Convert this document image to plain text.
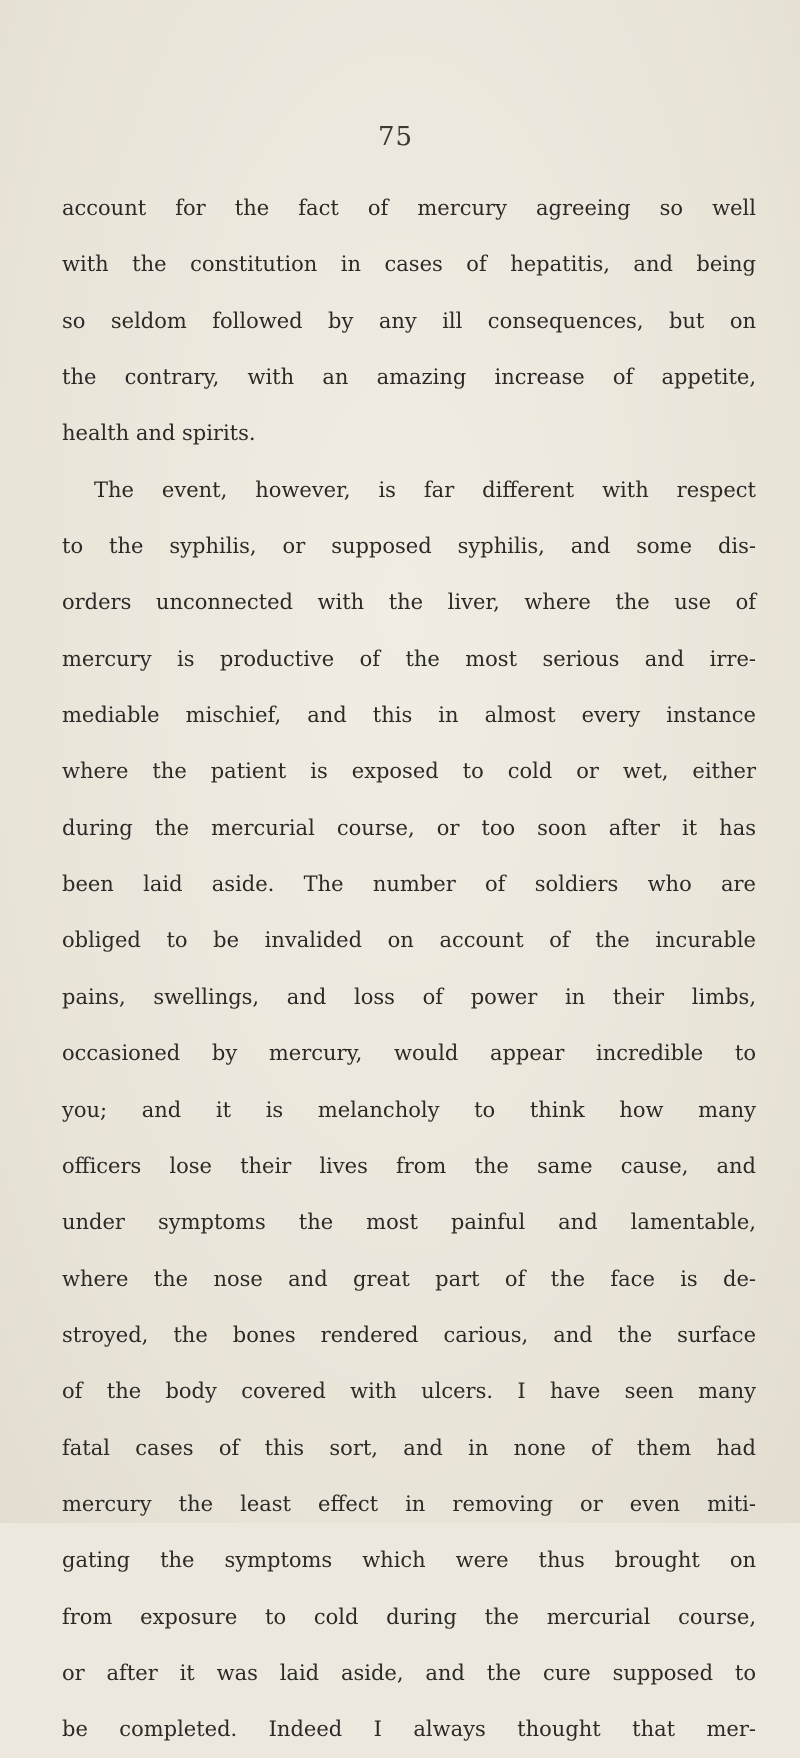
75
account for the fact of mercury agreeing so well
with the constitution in cases of hepatitis, and being
so seldom followed by any ill consequences, but on
the contrary, with an amazing increase of appetite,
health and spirits.
The event, however, is far different with respect
to the syphilis, or supposed syphilis, and some dis-
orders unconnected with the liver, where the use of
mercury is productive of the most serious and irre-
mediable mischief, and this in almost every instance
where the patient is exposed to cold or wet, either
during the mercurial course, or too soon after it has
been laid aside. The number of soldiers who are
obliged to be invalided on account of the incurable
pains, swellings, and loss of power in their limbs,
occasioned by mercury, would appear incredible to
you; and it is melancholy to think how many
officers lose their lives from the same cause, and
under symptoms the most painful and lamentable,
where the nose and great part of the face is de-
stroyed, the bones rendered carious, and the surface
of the body covered with ulcers. I have seen many
fatal cases of this sort, and in none of them had
mercury the least effect in removing or even miti-
gating the symptoms which were thus brought on
from exposure to cold during the mercurial course,
or after it was laid aside, and the cure supposed to
be completed. Indeed I always thought that mer-
